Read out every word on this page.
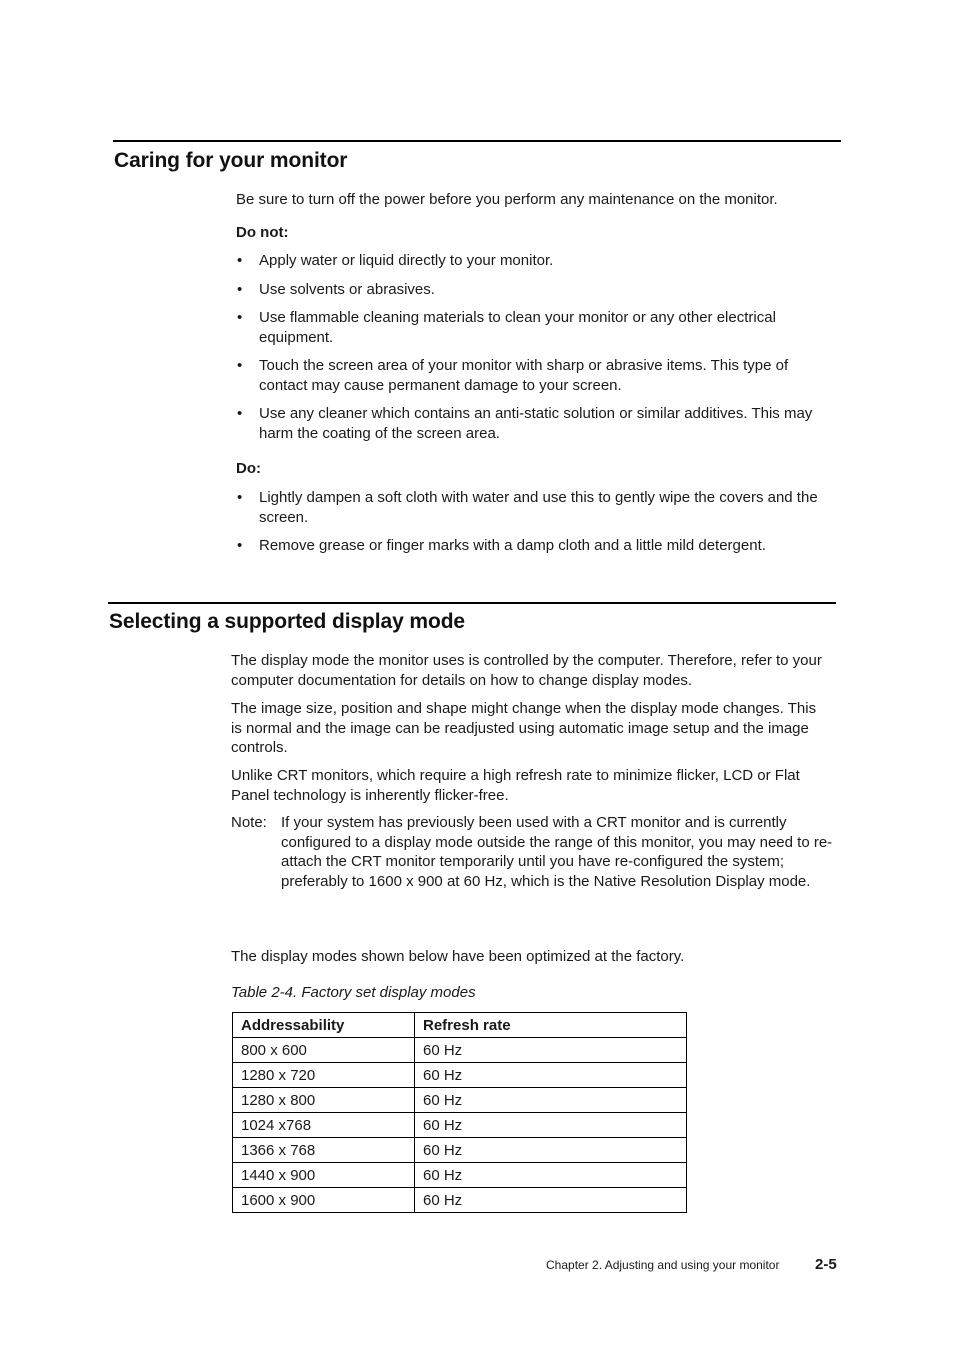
Caring for your monitor

Be sure to turn off the power before you perform any maintenance on the monitor.

Do not:

• Apply water or liquid directly to your monitor.
• Use solvents or abrasives.
• Use flammable cleaning materials to clean your monitor or any other electrical equipment.
• Touch the screen area of your monitor with sharp or abrasive items. This type of contact may cause permanent damage to your screen.
• Use any cleaner which contains an anti-static solution or similar additives. This may harm the coating of the screen area.

Do:

• Lightly dampen a soft cloth with water and use this to gently wipe the covers and the screen.
• Remove grease or finger marks with a damp cloth and a little mild detergent.
Selecting a supported display mode

The display mode the monitor uses is controlled by the computer. Therefore, refer to your computer documentation for details on how to change display modes.

The image size, position and shape might change when the display mode changes. This is normal and the image can be readjusted using automatic image setup and the image controls.

Unlike CRT monitors, which require a high refresh rate to minimize flicker, LCD or Flat Panel technology is inherently flicker-free.

Note: If your system has previously been used with a CRT monitor and is currently configured to a display mode outside the range of this monitor, you may need to re-attach the CRT monitor temporarily until you have re-configured the system; preferably to 1600 x 900 at 60 Hz, which is the Native Resolution Display mode.

The display modes shown below have been optimized at the factory.

Table 2-4. Factory set display modes

Addressability	Refresh rate
800 x 600	60 Hz
1280 x 720	60 Hz
1280 x 800	60 Hz
1024 x768	60 Hz
1366 x 768	60 Hz
1440 x 900	60 Hz
1600 x 900	60 Hz
Chapter 2. Adjusting and using your monitor 2-5
